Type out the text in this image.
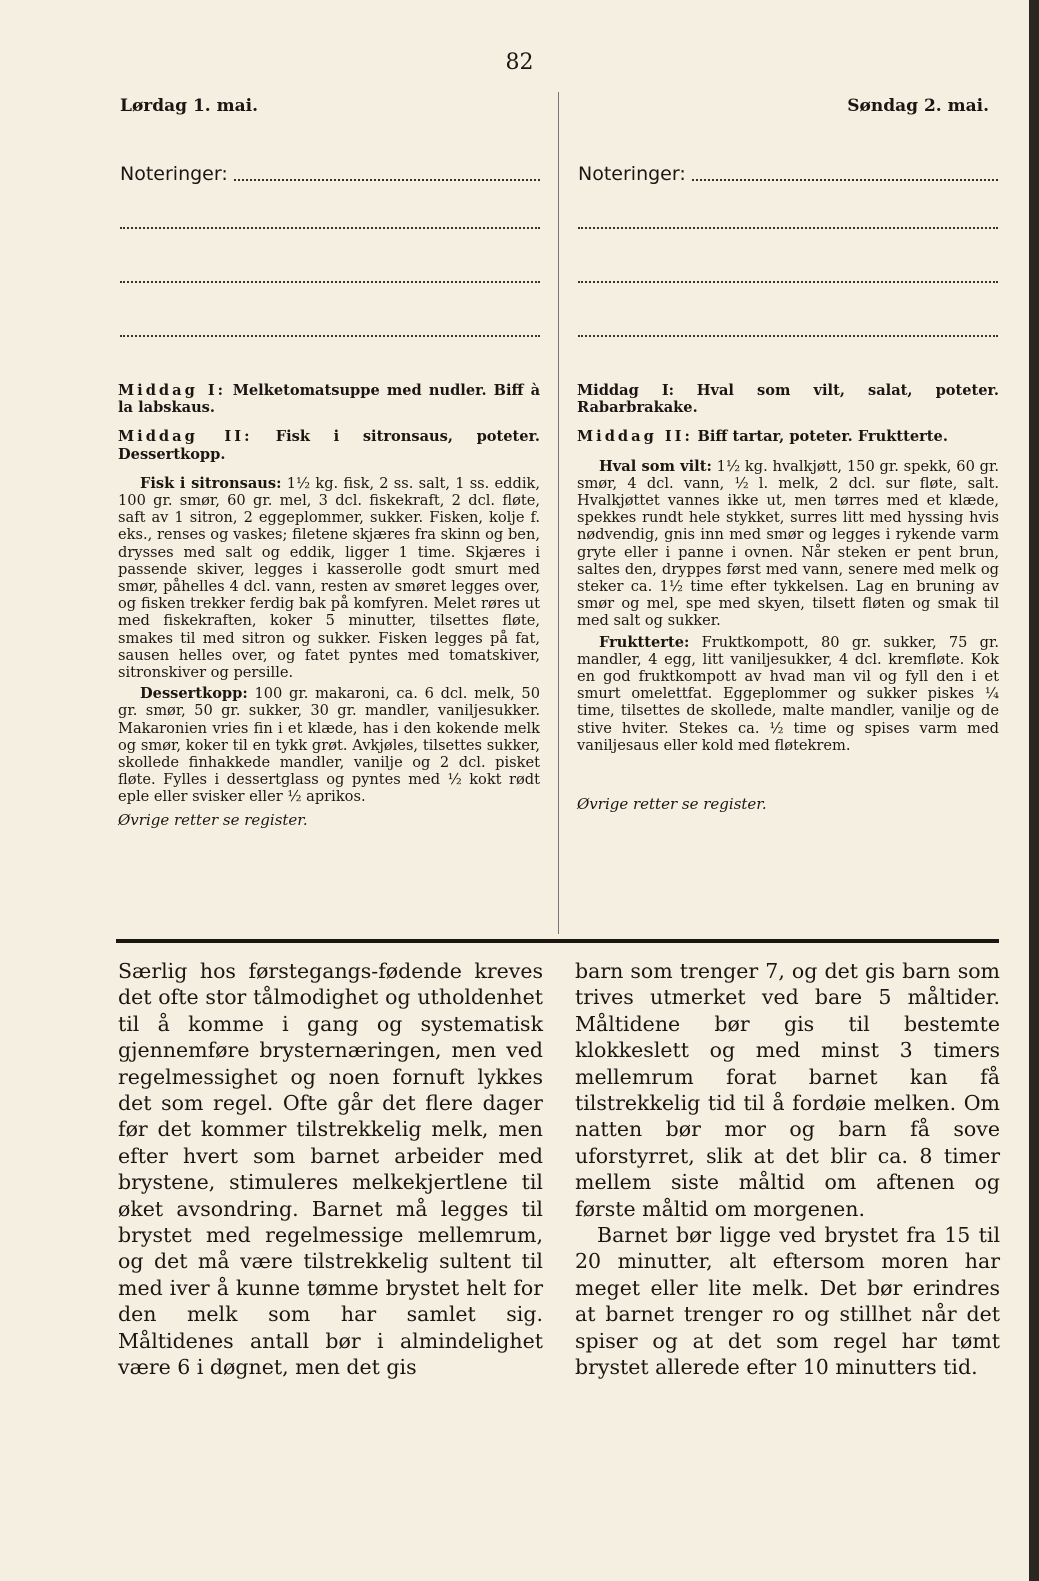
82
Lørdag 1. mai.	Søndag 2. mai.
Noteringer:	Noteringer:

Middag I: Melketomatsuppe med nudler. Biff à la labskaus.

Middag II: Fisk i sitronsaus, poteter. Dessertkopp.

Fisk i sitronsaus: 1½ kg. fisk, 2 ss. salt, 1 ss. eddik, 100 gr. smør, 60 gr. mel, 3 dcl. fiskekraft, 2 dcl. fløte, saft av 1 sitron, 2 eggeplommer, sukker. Fisken, kolje f. eks., renses og vaskes; filetene skjæres fra skinn og ben, drysses med salt og eddik, ligger 1 time. Skjæres i passende skiver, legges i kasserolle godt smurt med smør, påhelles 4 dcl. vann, resten av smøret legges over, og fisken trekker ferdig bak på komfyren. Melet røres ut med fiskekraften, koker 5 minutter, tilsettes fløte, smakes til med sitron og sukker. Fisken legges på fat, sausen helles over, og fatet pyntes med tomatskiver, sitronskiver og persille.

Dessertkopp: 100 gr. makaroni, ca. 6 dcl. melk, 50 gr. smør, 50 gr. sukker, 30 gr. mandler, vaniljesukker. Makaronien vries fin i et klæde, has i den kokende melk og smør, koker til en tykk grøt. Avkjøles, tilsettes sukker, skollede finhakkede mandler, vanilje og 2 dcl. pisket fløte. Fylles i dessertglass og pyntes med ½ kokt rødt eple eller svisker eller ½ aprikos.

Øvrige retter se register.

Middag I: Hval som vilt, salat, poteter. Rabarbrakake.

Middag II: Biff tartar, poteter. Fruktterte.

Hval som vilt: 1½ kg. hvalkjøtt, 150 gr. spekk, 60 gr. smør, 4 dcl. vann, ½ l. melk, 2 dcl. sur fløte, salt. Hvalkjøttet vannes ikke ut, men tørres med et klæde, spekkes rundt hele stykket, surres litt med hyssing hvis nødvendig, gnis inn med smør og legges i rykende varm gryte eller i panne i ovnen. Når steken er pent brun, saltes den, dryppes først med vann, senere med melk og steker ca. 1½ time efter tykkelsen. Lag en bruning av smør og mel, spe med skyen, tilsett fløten og smak til med salt og sukker.

Fruktterte: Fruktkompott, 80 gr. sukker, 75 gr. mandler, 4 egg, litt vaniljesukker, 4 dcl. kremfløte. Kok en god fruktkompott av hvad man vil og fyll den i et smurt omelettfat. Eggeplommer og sukker piskes ¼ time, tilsettes de skollede, malte mandler, vanilje og de stive hviter. Stekes ca. ½ time og spises varm med vaniljesaus eller kold med fløtekrem.

Øvrige retter se register.

Særlig hos førstegangs-fødende kreves det ofte stor tålmodighet og utholdenhet til å komme i gang og systematisk gjennemføre brysternæringen, men ved regelmessighet og noen fornuft lykkes det som regel. Ofte går det flere dager før det kommer tilstrekkelig melk, men efter hvert som barnet arbeider med brystene, stimuleres melkekjertlene til øket avsondring. Barnet må legges til brystet med regelmessige mellemrum, og det må være tilstrekkelig sultent til med iver å kunne tømme brystet helt for den melk som har samlet sig. Måltidenes antall bør i almindelighet være 6 i døgnet, men det gis

barn som trenger 7, og det gis barn som trives utmerket ved bare 5 måltider. Måltidene bør gis til bestemte klokkeslett og med minst 3 timers mellemrum forat barnet kan få tilstrekkelig tid til å fordøie melken. Om natten bør mor og barn få sove uforstyrret, slik at det blir ca. 8 timer mellem siste måltid om aftenen og første måltid om morgenen.

Barnet bør ligge ved brystet fra 15 til 20 minutter, alt eftersom moren har meget eller lite melk. Det bør erindres at barnet trenger ro og stillhet når det spiser og at det som regel har tømt brystet allerede efter 10 minutters tid.
